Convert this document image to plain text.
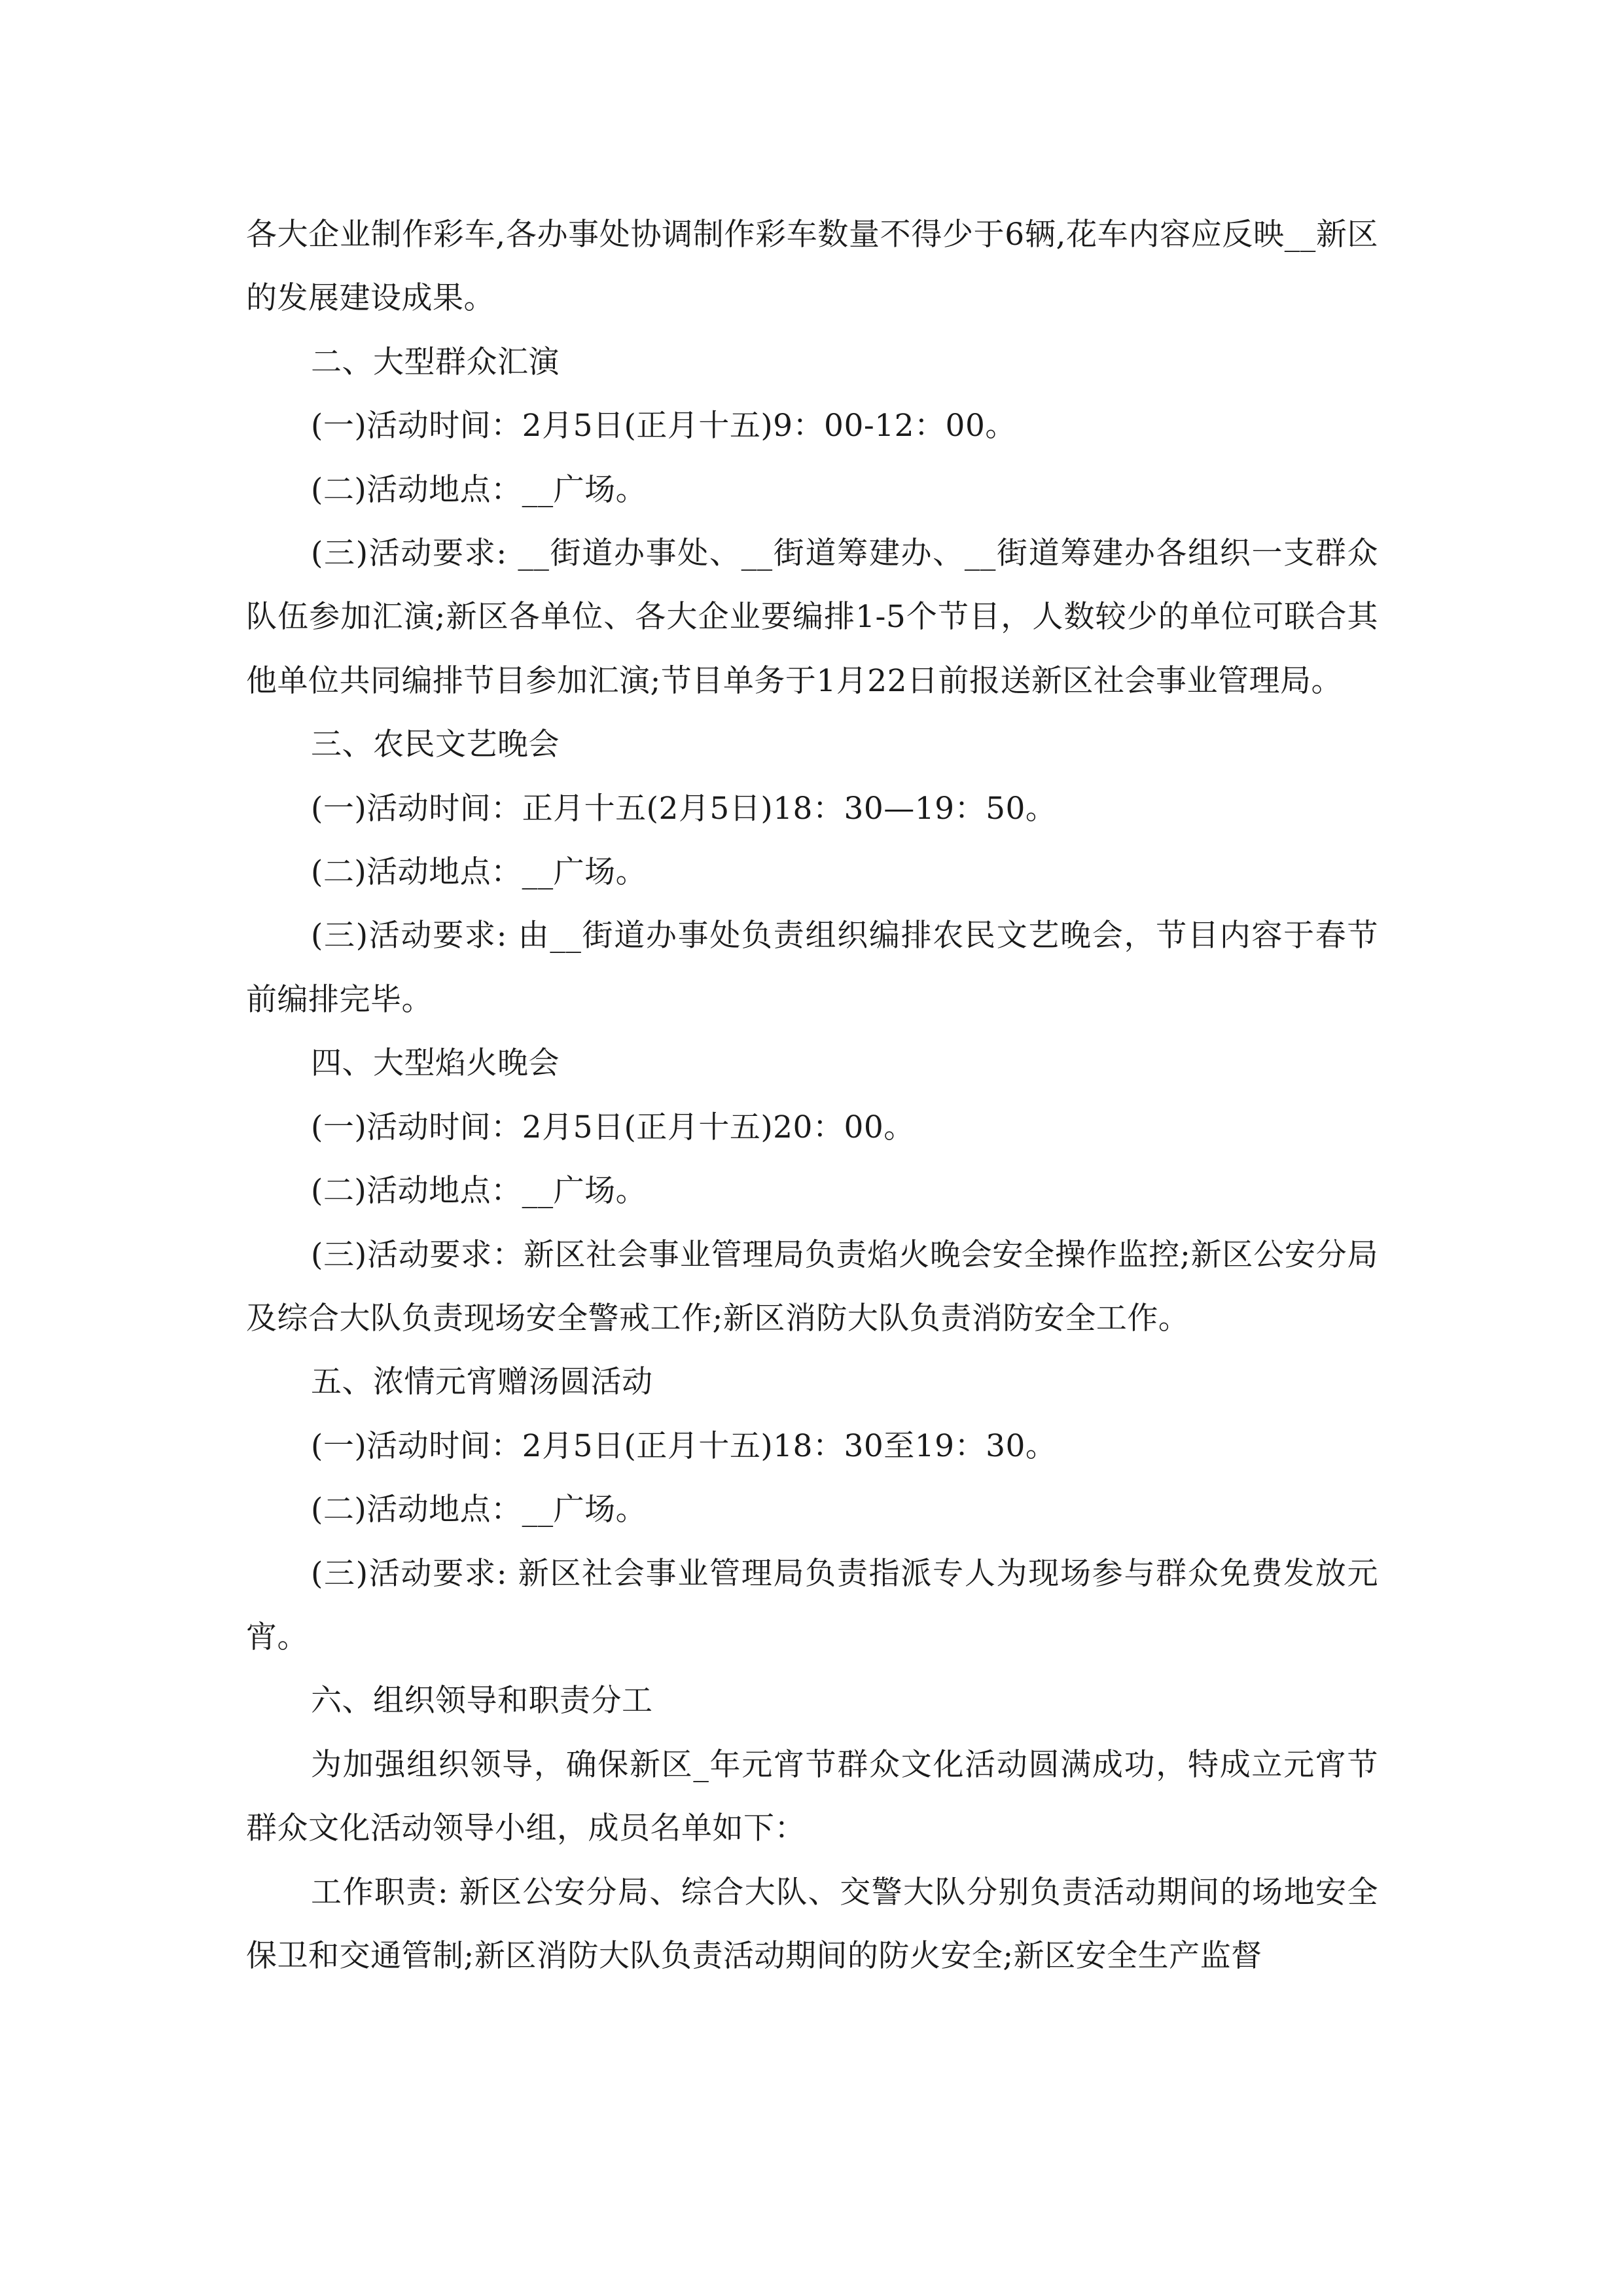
各大企业制作彩车,各办事处协调制作彩车数量不得少于6辆,花车内容应反映__新区的发展建设成果。

二、大型群众汇演

(一)活动时间：2月5日(正月十五)9：00-12：00。

(二)活动地点：__广场。

(三)活动要求: __街道办事处、__街道筹建办、__街道筹建办各组织一支群众队伍参加汇演;新区各单位、各大企业要编排1-5个节目，人数较少的单位可联合其他单位共同编排节目参加汇演;节目单务于1月22日前报送新区社会事业管理局。

三、农民文艺晚会

(一)活动时间：正月十五(2月5日)18：30—19：50。

(二)活动地点：__广场。

(三)活动要求: 由__街道办事处负责组织编排农民文艺晚会，节目内容于春节前编排完毕。

四、大型焰火晚会

(一)活动时间：2月5日(正月十五)20：00。

(二)活动地点：__广场。

(三)活动要求：新区社会事业管理局负责焰火晚会安全操作监控;新区公安分局及综合大队负责现场安全警戒工作;新区消防大队负责消防安全工作。

五、浓情元宵赠汤圆活动

(一)活动时间：2月5日(正月十五)18：30至19：30。

(二)活动地点：__广场。

(三)活动要求: 新区社会事业管理局负责指派专人为现场参与群众免费发放元宵。

六、组织领导和职责分工

为加强组织领导，确保新区_年元宵节群众文化活动圆满成功，特成立元宵节群众文化活动领导小组，成员名单如下：

工作职责: 新区公安分局、综合大队、交警大队分别负责活动期间的场地安全保卫和交通管制;新区消防大队负责活动期间的防火安全;新区安全生产监督
